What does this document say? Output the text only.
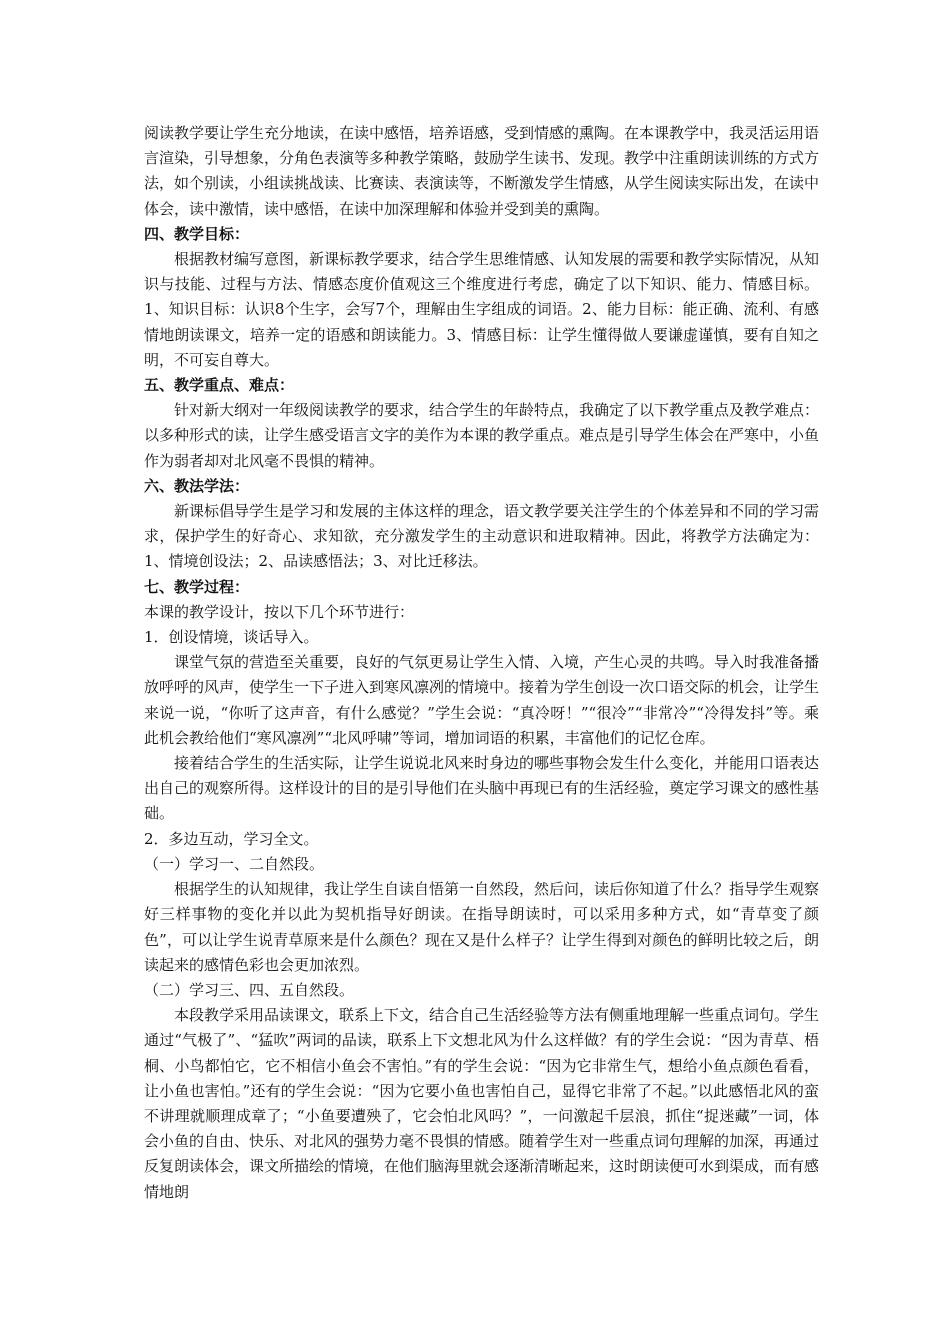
阅读教学要让学生充分地读，在读中感悟，培养语感，受到情感的熏陶。在本课教学中，我灵活运用语言渲染，引导想象，分角色表演等多种教学策略，鼓励学生读书、发现。教学中注重朗读训练的方式方法，如个别读，小组读挑战读、比赛读、表演读等，不断激发学生情感，从学生阅读实际出发，在读中体会，读中激情，读中感悟，在读中加深理解和体验并受到美的熏陶。

四、教学目标：

根据教材编写意图，新课标教学要求，结合学生思维情感、认知发展的需要和教学实际情况，从知识与技能、过程与方法、情感态度价值观这三个维度进行考虑，确定了以下知识、能力、情感目标。1、知识目标：认识8个生字，会写7个，理解由生字组成的词语。2、能力目标：能正确、流利、有感情地朗读课文，培养一定的语感和朗读能力。3、情感目标：让学生懂得做人要谦虚谨慎，要有自知之明，不可妄自尊大。

五、教学重点、难点：

针对新大纲对一年级阅读教学的要求，结合学生的年龄特点，我确定了以下教学重点及教学难点：以多种形式的读，让学生感受语言文字的美作为本课的教学重点。难点是引导学生体会在严寒中，小鱼作为弱者却对北风毫不畏惧的精神。

六、教法学法：

新课标倡导学生是学习和发展的主体这样的理念，语文教学要关注学生的个体差异和不同的学习需求，保护学生的好奇心、求知欲，充分激发学生的主动意识和进取精神。因此，将教学方法确定为：1、情境创设法；2、品读感悟法；3、对比迁移法。

七、教学过程：

本课的教学设计，按以下几个环节进行：

1．创设情境，谈话导入。

课堂气氛的营造至关重要，良好的气氛更易让学生入情、入境，产生心灵的共鸣。导入时我准备播放呼呼的风声，使学生一下子进入到寒风凛冽的情境中。接着为学生创设一次口语交际的机会，让学生来说一说，“你听了这声音，有什么感觉？”学生会说：“真冷呀！”“很冷”“非常冷”“冷得发抖”等。乘此机会教给他们“寒风凛冽”“北风呼啸”等词，增加词语的积累，丰富他们的记忆仓库。

接着结合学生的生活实际，让学生说说北风来时身边的哪些事物会发生什么变化，并能用口语表达出自己的观察所得。这样设计的目的是引导他们在头脑中再现已有的生活经验，奠定学习课文的感性基础。

2．多边互动，学习全文。

（一）学习一、二自然段。

根据学生的认知规律，我让学生自读自悟第一自然段，然后问，读后你知道了什么？指导学生观察好三样事物的变化并以此为契机指导好朗读。在指导朗读时，可以采用多种方式，如“青草变了颜色”，可以让学生说青草原来是什么颜色？现在又是什么样子？让学生得到对颜色的鲜明比较之后，朗读起来的感情色彩也会更加浓烈。

（二）学习三、四、五自然段。

本段教学采用品读课文，联系上下文，结合自己生活经验等方法有侧重地理解一些重点词句。学生通过“气极了”、“猛吹”两词的品读，联系上下文想北风为什么这样做？有的学生会说：“因为青草、梧桐、小鸟都怕它，它不相信小鱼会不害怕。”有的学生会说：“因为它非常生气，想给小鱼点颜色看看，让小鱼也害怕。”还有的学生会说：“因为它要小鱼也害怕自己，显得它非常了不起。”以此感悟北风的蛮不讲理就顺理成章了；“小鱼要遭殃了，它会怕北风吗？”，一问激起千层浪，抓住“捉迷藏”一词，体会小鱼的自由、快乐、对北风的强势力毫不畏惧的情感。随着学生对一些重点词句理解的加深，再通过反复朗读体会，课文所描绘的情境，在他们脑海里就会逐渐清晰起来，这时朗读便可水到渠成，而有感情地朗
